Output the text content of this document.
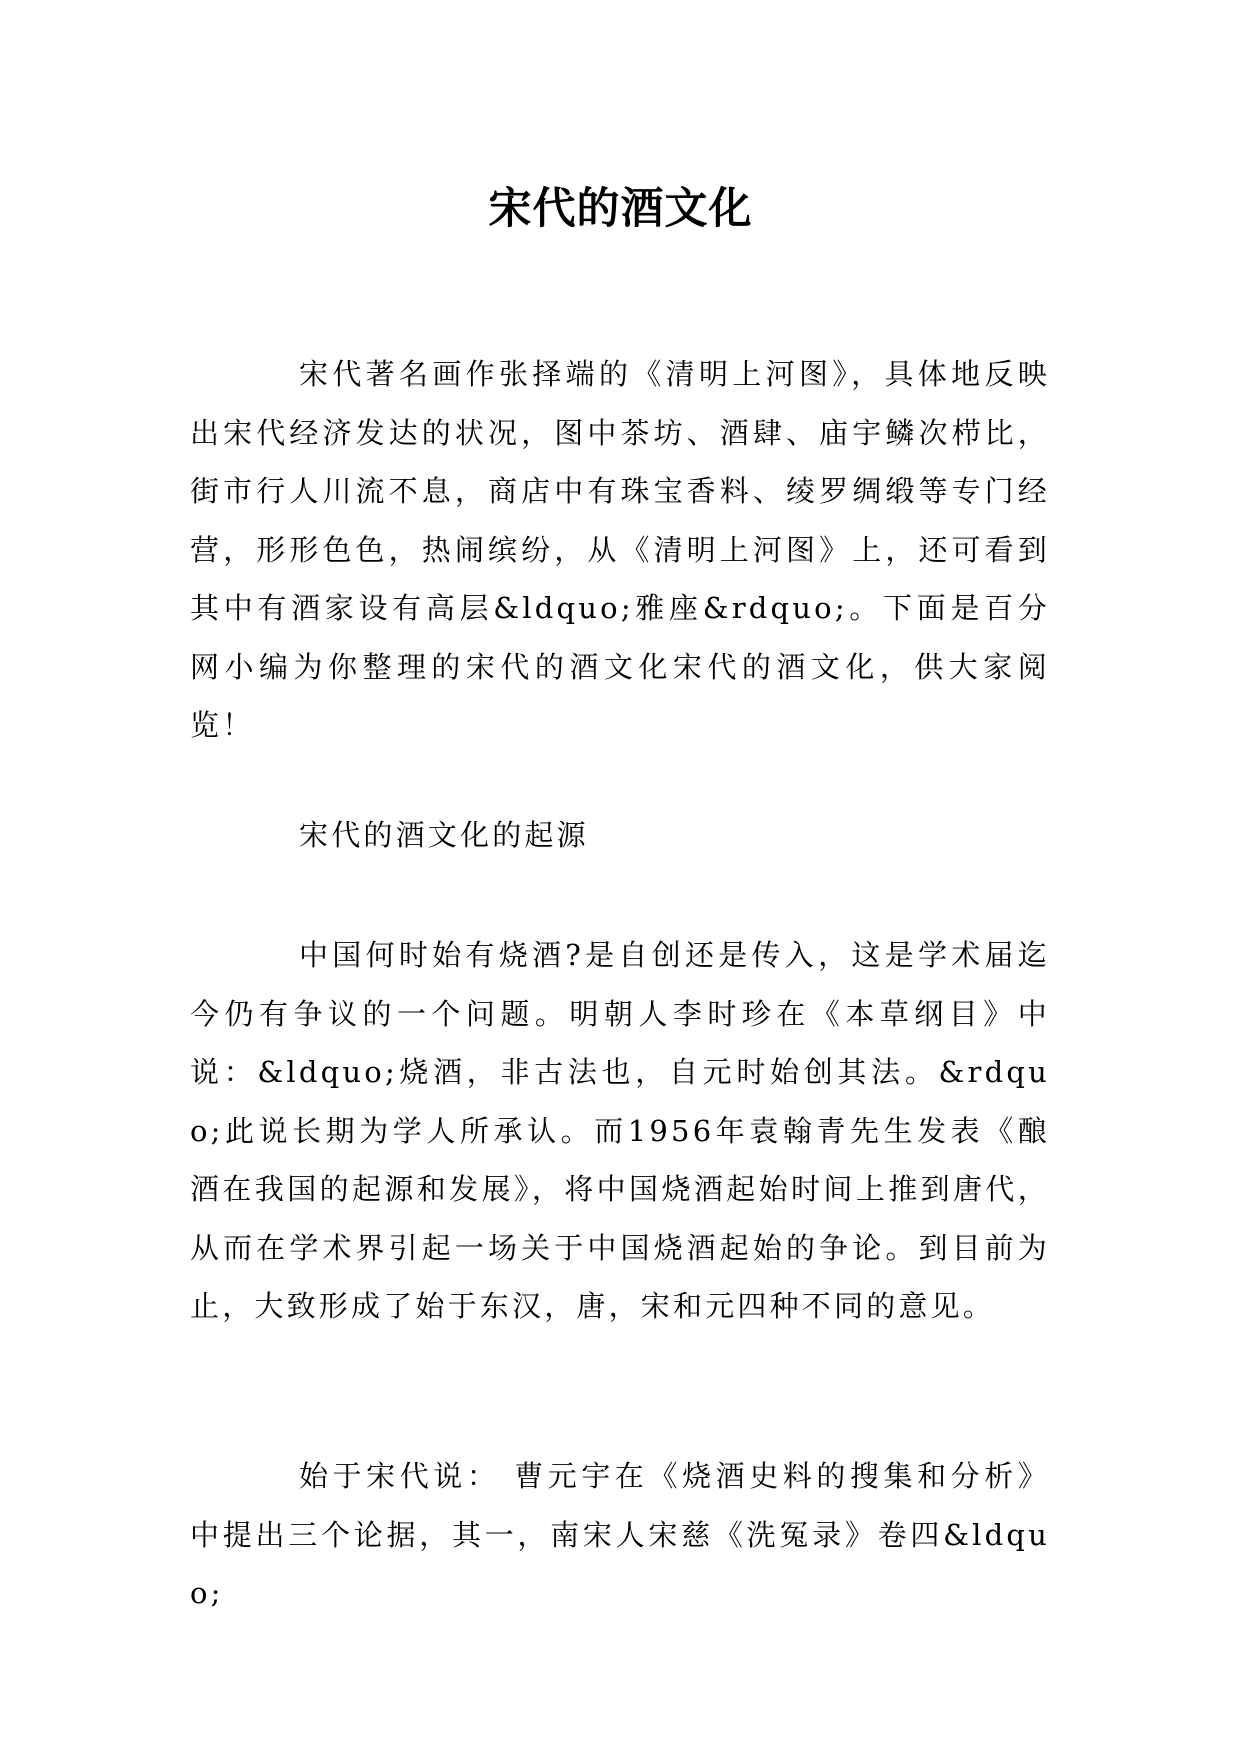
宋代的酒文化

宋代著名画作张择端的《清明上河图》，具体地反映出宋代经济发达的状况，图中茶坊、酒肆、庙宇鳞次栉比，街市行人川流不息，商店中有珠宝香料、绫罗绸缎等专门经营，形形色色，热闹缤纷，从《清明上河图》上，还可看到其中有酒家设有高层&ldquo;雅座&rdquo;。下面是百分网小编为你整理的宋代的酒文化宋代的酒文化，供大家阅览！

宋代的酒文化的起源

中国何时始有烧酒?是自创还是传入，这是学术届迄今仍有争议的一个问题。明朝人李时珍在《本草纲目》中说：&ldquo;烧酒，非古法也，自元时始创其法。&rdquo;此说长期为学人所承认。而1956年袁翰青先生发表《酿酒在我国的起源和发展》，将中国烧酒起始时间上推到唐代，从而在学术界引起一场关于中国烧酒起始的争论。到目前为止，大致形成了始于东汉，唐，宋和元四种不同的意见。

始于宋代说： 曹元宇在《烧酒史料的搜集和分析》中提出三个论据，其一，南宋人宋慈《洗冤录》卷四&ldquo;
